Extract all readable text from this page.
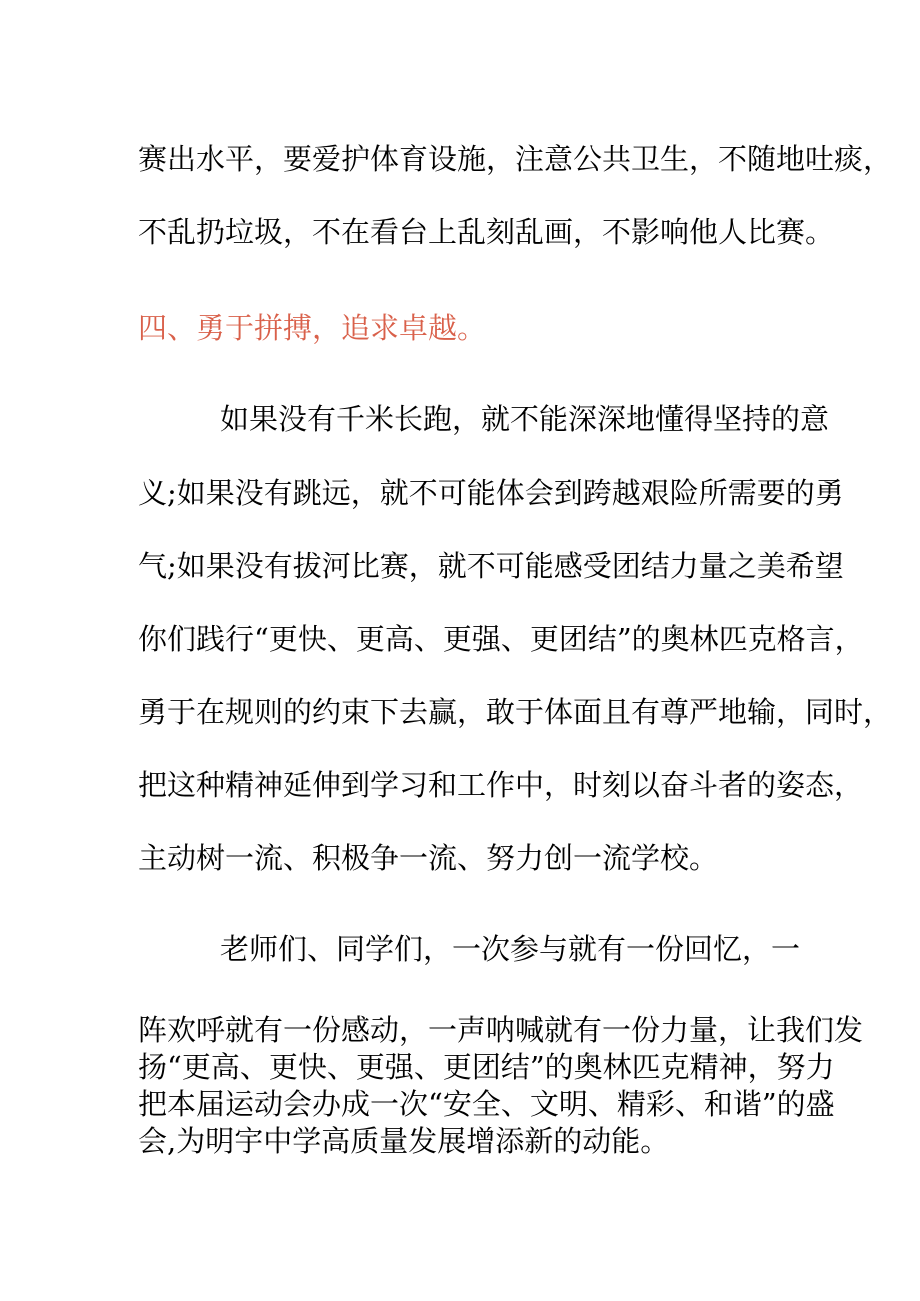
赛出水平，要爱护体育设施，注意公共卫生，不随地吐痰，
不乱扔垃圾，不在看台上乱刻乱画，不影响他人比赛。
四、勇于拼搏，追求卓越。
如果没有千米长跑，就不能深深地懂得坚持的意
义;如果没有跳远，就不可能体会到跨越艰险所需要的勇
气;如果没有拔河比赛，就不可能感受团结力量之美希望
你们践行“更快、更高、更强、更团结”的奥林匹克格言，
勇于在规则的约束下去赢，敢于体面且有尊严地输，同时，
把这种精神延伸到学习和工作中，时刻以奋斗者的姿态，
主动树一流、积极争一流、努力创一流学校。
老师们、同学们，一次参与就有一份回忆，一
阵欢呼就有一份感动，一声呐喊就有一份力量，让我们发
扬“更高、更快、更强、更团结”的奥林匹克精神，努力
把本届运动会办成一次“安全、文明、精彩、和谐”的盛
会,为明宇中学高质量发展增添新的动能。
